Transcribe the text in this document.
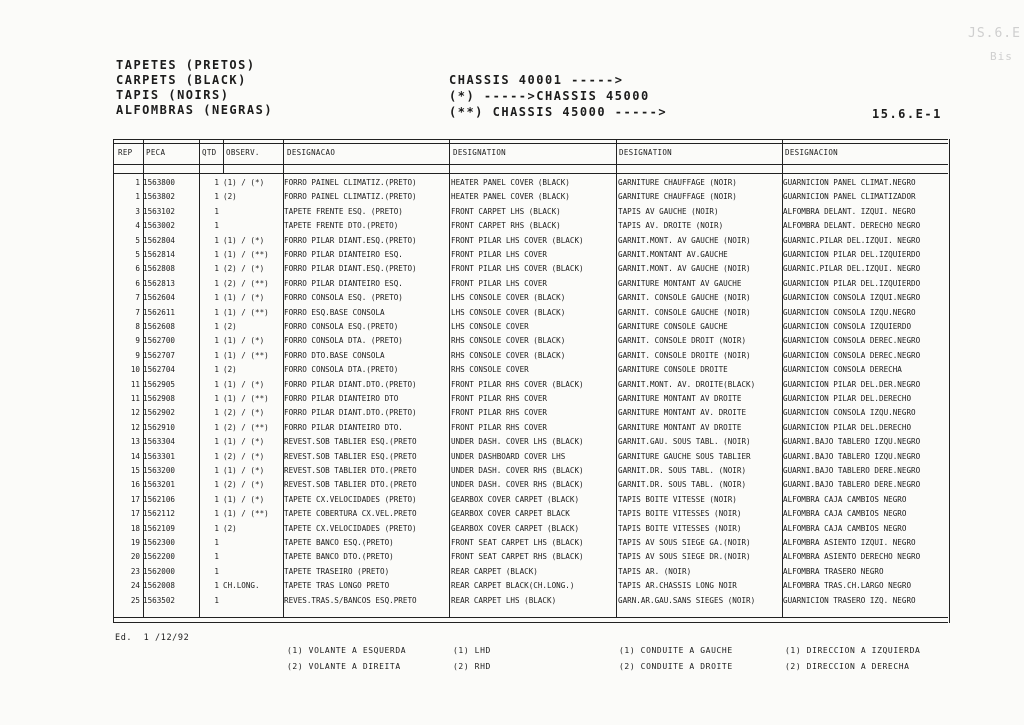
JS.6.E
Bis
TAPETES (PRETOS)
CARPETS (BLACK)
TAPIS (NOIRS)
ALFOMBRAS (NEGRAS)
CHASSIS 40001 ----->
(*) ----->CHASSIS 45000
(**) CHASSIS 45000 ----->	15.6.E-1
REP PECA	QTD OBSERV.	DESIGNACAO	DESIGNATION	DESIGNATION	DESIGNACION
1 1563800	1 (1) / (*)	FORRO PAINEL CLIMATIZ.(PRETO)	HEATER PANEL COVER (BLACK)	GARNITURE CHAUFFAGE (NOIR)	GUARNICION PANEL CLIMAT.NEGRO
1 1563802	1 (2)	FORRO PAINEL CLIMATIZ.(PRETO)	HEATER PANEL COVER (BLACK)	GARNITURE CHAUFFAGE (NOIR)	GUARNICION PANEL CLIMATIZADOR
3 1563102	1	TAPETE FRENTE ESQ. (PRETO)	FRONT CARPET LHS (BLACK)	TAPIS AV GAUCHE (NOIR)	ALFOMBRA DELANT. IZQUI. NEGRO
4 1563002	1	TAPETE FRENTE DTO.(PRETO)	FRONT CARPET RHS (BLACK)	TAPIS AV. DROITE (NOIR)	ALFOMBRA DELANT. DERECHO NEGRO
5 1562804	1 (1) / (*)	FORRO PILAR DIANT.ESQ.(PRETO)	FRONT PILAR LHS COVER (BLACK)	GARNIT.MONT. AV GAUCHE (NOIR)	GUARNIC.PILAR DEL.IZQUI. NEGRO
5 1562814	1 (1) / (**)	FORRO PILAR DIANTEIRO ESQ.	FRONT PILAR LHS COVER	GARNIT.MONTANT AV.GAUCHE	GUARNICION PILAR DEL.IZQUIERDO
6 1562808	1 (2) / (*)	FORRO PILAR DIANT.ESQ.(PRETO)	FRONT PILAR LHS COVER (BLACK)	GARNIT.MONT. AV GAUCHE (NOIR)	GUARNIC.PILAR DEL.IZQUI. NEGRO
6 1562813	1 (2) / (**)	FORRO PILAR DIANTEIRO ESQ.	FRONT PILAR LHS COVER	GARNITURE MONTANT AV GAUCHE	GUARNICION PILAR DEL.IZQUIERDO
7 1562604	1 (1) / (*)	FORRO CONSOLA ESQ. (PRETO)	LHS CONSOLE COVER (BLACK)	GARNIT. CONSOLE GAUCHE (NOIR)	GUARNICION CONSOLA IZQUI.NEGRO
7 1562611	1 (1) / (**)	FORRO ESQ.BASE CONSOLA	LHS CONSOLE COVER (BLACK)	GARNIT. CONSOLE GAUCHE (NOIR)	GUARNICION CONSOLA IZQU.NEGRO
8 1562608	1 (2)	FORRO CONSOLA ESQ.(PRETO)	LHS CONSOLE COVER	GARNITURE CONSOLE GAUCHE	GUARNICION CONSOLA IZQUIERDO
9 1562700	1 (1) / (*)	FORRO CONSOLA DTA. (PRETO)	RHS CONSOLE COVER (BLACK)	GARNIT. CONSOLE DROIT (NOIR)	GUARNICION CONSOLA DEREC.NEGRO
9 1562707	1 (1) / (**)	FORRO DTO.BASE CONSOLA	RHS CONSOLE COVER (BLACK)	GARNIT. CONSOLE DROITE (NOIR)	GUARNICION CONSOLA DEREC.NEGRO
10 1562704	1 (2)	FORRO CONSOLA DTA.(PRETO)	RHS CONSOLE COVER	GARNITURE CONSOLE DROITE	GUARNICION CONSOLA DERECHA
11 1562905	1 (1) / (*)	FORRO PILAR DIANT.DTO.(PRETO)	FRONT PILAR RHS COVER (BLACK)	GARNIT.MONT. AV. DROITE(BLACK)	GUARNICION PILAR DEL.DER.NEGRO
11 1562908	1 (1) / (**)	FORRO PILAR DIANTEIRO DTO	FRONT PILAR RHS COVER	GARNITURE MONTANT AV DROITE	GUARNICION PILAR DEL.DERECHO
12 1562902	1 (2) / (*)	FORRO PILAR DIANT.DTO.(PRETO)	FRONT PILAR RHS COVER	GARNITURE MONTANT AV. DROITE	GUARNICION CONSOLA IZQU.NEGRO
12 1562910	1 (2) / (**)	FORRO PILAR DIANTEIRO DTO.	FRONT PILAR RHS COVER	GARNITURE MONTANT AV DROITE	GUARNICION PILAR DEL.DERECHO
13 1563304	1 (1) / (*)	REVEST.SOB TABLIER ESQ.(PRETO	UNDER DASH. COVER LHS (BLACK)	GARNIT.GAU. SOUS TABL. (NOIR)	GUARNI.BAJO TABLERO IZQU.NEGRO
14 1563301	1 (2) / (*)	REVEST.SOB TABLIER ESQ.(PRETO	UNDER DASHBOARD COVER LHS	GARNITURE GAUCHE SOUS TABLIER	GUARNI.BAJO TABLERO IZQU.NEGRO
15 1563200	1 (1) / (*)	REVEST.SOB TABLIER DTO.(PRETO	UNDER DASH. COVER RHS (BLACK)	GARNIT.DR. SOUS TABL. (NOIR)	GUARNI.BAJO TABLERO DERE.NEGRO
16 1563201	1 (2) / (*)	REVEST.SOB TABLIER DTO.(PRETO	UNDER DASH. COVER RHS (BLACK)	GARNIT.DR. SOUS TABL. (NOIR)	GUARNI.BAJO TABLERO DERE.NEGRO
17 1562106	1 (1) / (*)	TAPETE CX.VELOCIDADES (PRETO)	GEARBOX COVER CARPET (BLACK)	TAPIS BOITE VITESSE (NOIR)	ALFOMBRA CAJA CAMBIOS NEGRO
17 1562112	1 (1) / (**)	TAPETE COBERTURA CX.VEL.PRETO	GEARBOX COVER CARPET BLACK	TAPIS BOITE VITESSES (NOIR)	ALFOMBRA CAJA CAMBIOS NEGRO
18 1562109	1 (2)	TAPETE CX.VELOCIDADES (PRETO)	GEARBOX COVER CARPET (BLACK)	TAPIS BOITE VITESSES (NOIR)	ALFOMBRA CAJA CAMBIOS NEGRO
19 1562300	1	TAPETE BANCO ESQ.(PRETO)	FRONT SEAT CARPET LHS (BLACK)	TAPIS AV SOUS SIEGE GA.(NOIR)	ALFOMBRA ASIENTO IZQUI. NEGRO
20 1562200	1	TAPETE BANCO DTO.(PRETO)	FRONT SEAT CARPET RHS (BLACK)	TAPIS AV SOUS SIEGE DR.(NOIR)	ALFOMBRA ASIENTO DERECHO NEGRO
23 1562000	1	TAPETE TRASEIRO (PRETO)	REAR CARPET (BLACK)	TAPIS AR. (NOIR)	ALFOMBRA TRASERO NEGRO
24 1562008	1 CH.LONG.	TAPETE TRAS LONGO PRETO	REAR CARPET BLACK(CH.LONG.)	TAPIS AR.CHASSIS LONG NOIR	ALFOMBRA TRAS.CH.LARGO NEGRO
25 1563502	1	REVES.TRAS.S/BANCOS ESQ.PRETO	REAR CARPET LHS (BLACK)	GARN.AR.GAU.SANS SIEGES (NOIR)	GUARNICION TRASERO IZQ. NEGRO
Ed.  1 /12/92
(1) VOLANTE A ESQUERDA
(2) VOLANTE A DIREITA
(1) LHD
(2) RHD
(1) CONDUITE A GAUCHE
(2) CONDUITE A DROITE
(1) DIRECCION A IZQUIERDA
(2) DIRECCION A DERECHA
